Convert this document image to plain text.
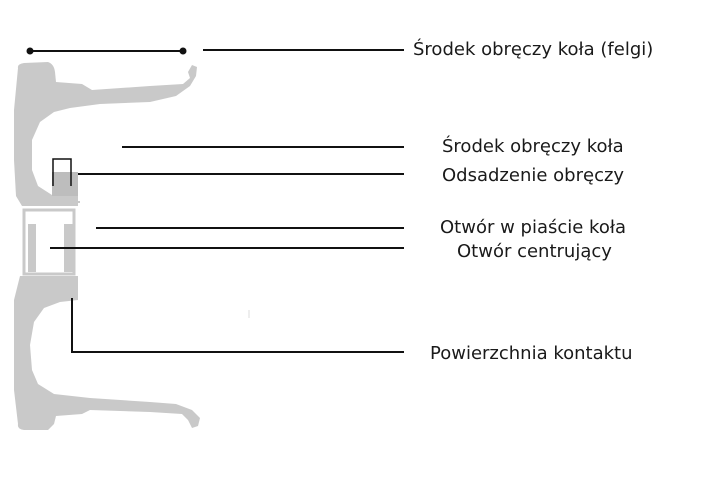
Środek obręczy koła (felgi)
Środek obręczy koła
Odsadzenie obręczy
Otwór w piaście koła
Otwór centrujący
Powierzchnia kontaktu
